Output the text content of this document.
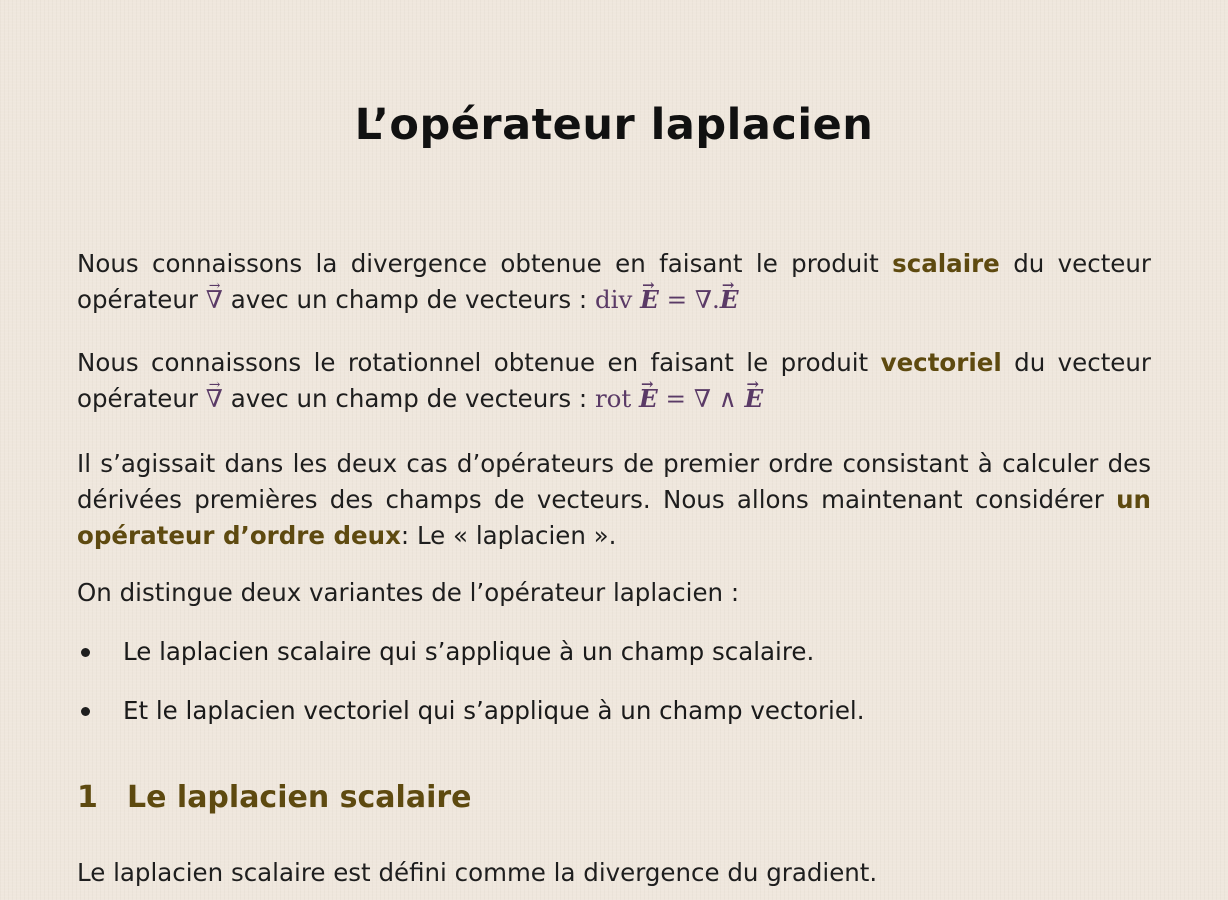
L’opérateur laplacien

Nous connaissons la divergence obtenue en faisant le produit scalaire du vecteur opérateur → ∇ avec un champ de vecteurs : div → E = ∇.→ E

Nous connaissons le rotationnel obtenue en faisant le produit vectoriel du vecteur opérateur → ∇ avec un champ de vecteurs : rot → E = ∇ ∧ → E

Il s’agissait dans les deux cas d’opérateurs de premier ordre consistant à calculer des dérivées premières des champs de vecteurs. Nous allons maintenant considérer un opérateur d’ordre deux: Le « laplacien ».

On distingue deux variantes de l’opérateur laplacien :

Le laplacien scalaire qui s’applique à un champ scalaire.
Et le laplacien vectoriel qui s’applique à un champ vectoriel.
1 Le laplacien scalaire

Le laplacien scalaire est défini comme la divergence du gradient.
